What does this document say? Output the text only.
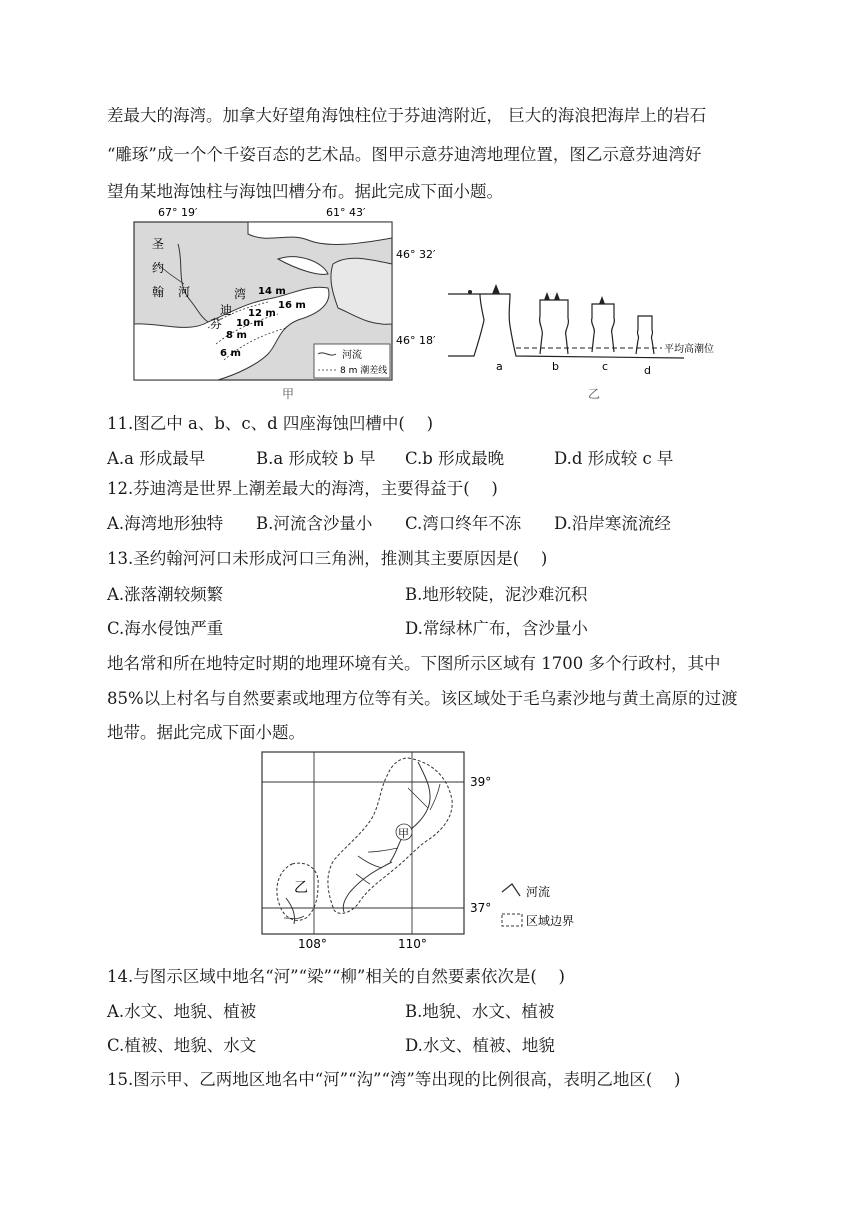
差最大的海湾。加拿大好望角海蚀柱位于芬迪湾附近， 巨大的海浪把海岸上的岩石
“雕琢”成一个个千姿百态的艺术品。图甲示意芬迪湾地理位置，图乙示意芬迪湾好
望角某地海蚀柱与海蚀凹槽分布。据此完成下面小题。
67° 19′	61° 43′
46° 32′
46° 18′
圣
约
翰 河
芬
迪
湾 14 m
16 m
12 m
10 m
8 m
6 m	河流
8 m 潮差线
甲
平均高潮位
a	b	c	d
乙
11.图乙中 a、b、c、d 四座海蚀凹槽中(　 )
A.a 形成最早	B.a 形成较 b 早 C.b 形成最晚	D.d 形成较 c 早
12.芬迪湾是世界上潮差最大的海湾，主要得益于(　 )
A.海湾地形独特 B.河流含沙量小 C.湾口终年不冻 D.沿岸寒流流经
13.圣约翰河河口未形成河口三角洲，推测其主要原因是(　 )
A.涨落潮较频繁	B.地形较陡，泥沙难沉积
C.海水侵蚀严重	D.常绿林广布，含沙量小
地名常和所在地特定时期的地理环境有关。下图所示区域有 1700 多个行政村，其中
85%以上村名与自然要素或地理方位等有关。该区域处于毛乌素沙地与黄土高原的过渡
地带。据此完成下面小题。
甲
乙
39°
37°
108°	110°
河流
区域边界
14.与图示区域中地名“河”“梁”“柳”相关的自然要素依次是(　 )
A.水文、地貌、植被	B.地貌、水文、植被
C.植被、地貌、水文	D.水文、植被、地貌
15.图示甲、乙两地区地名中“河”“沟”“湾”等出现的比例很高，表明乙地区(　 )
